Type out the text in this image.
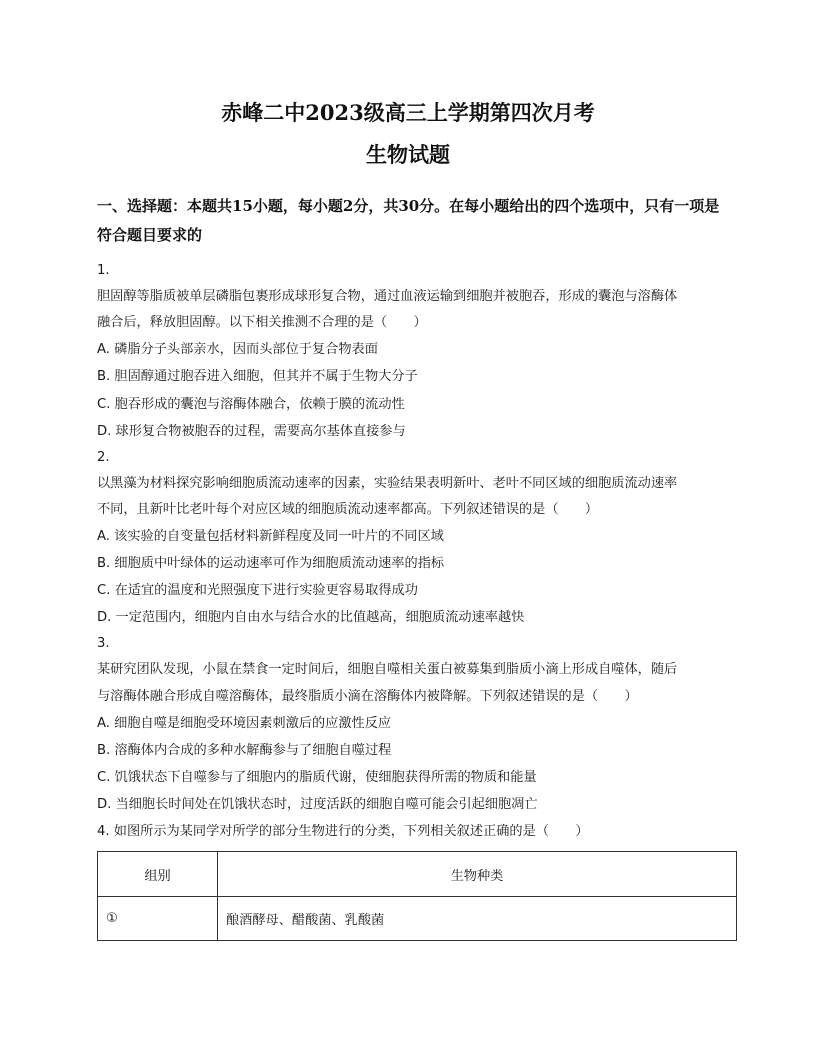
赤峰二中2023级高三上学期第四次月考
生物试题
一、选择题：本题共15小题，每小题2分，共30分。在每小题给出的四个选项中，只有一项是符合题目要求的
1.
胆固醇等脂质被单层磷脂包裹形成球形复合物，通过血液运输到细胞并被胞吞，形成的囊泡与溶酶体
融合后，释放胆固醇。以下相关推测不合理的是（　　）
A. 磷脂分子头部亲水，因而头部位于复合物表面
B. 胆固醇通过胞吞进入细胞，但其并不属于生物大分子
C. 胞吞形成的囊泡与溶酶体融合，依赖于膜的流动性
D. 球形复合物被胞吞的过程，需要高尔基体直接参与
2.
以黑藻为材料探究影响细胞质流动速率的因素，实验结果表明新叶、老叶不同区域的细胞质流动速率
不同，且新叶比老叶每个对应区域的细胞质流动速率都高。下列叙述错误的是（　　）
A. 该实验的自变量包括材料新鲜程度及同一叶片的不同区域
B. 细胞质中叶绿体的运动速率可作为细胞质流动速率的指标
C. 在适宜的温度和光照强度下进行实验更容易取得成功
D. 一定范围内，细胞内自由水与结合水的比值越高，细胞质流动速率越快
3.
某研究团队发现，小鼠在禁食一定时间后，细胞自噬相关蛋白被募集到脂质小滴上形成自噬体，随后
与溶酶体融合形成自噬溶酶体，最终脂质小滴在溶酶体内被降解。下列叙述错误的是（　　）
A. 细胞自噬是细胞受环境因素刺激后的应激性反应
B. 溶酶体内合成的多种水解酶参与了细胞自噬过程
C. 饥饿状态下自噬参与了细胞内的脂质代谢，使细胞获得所需的物质和能量
D. 当细胞长时间处在饥饿状态时，过度活跃的细胞自噬可能会引起细胞凋亡
4. 如图所示为某同学对所学的部分生物进行的分类，下列相关叙述正确的是（　　）
组别	生物种类
①	酿酒酵母、醋酸菌、乳酸菌
